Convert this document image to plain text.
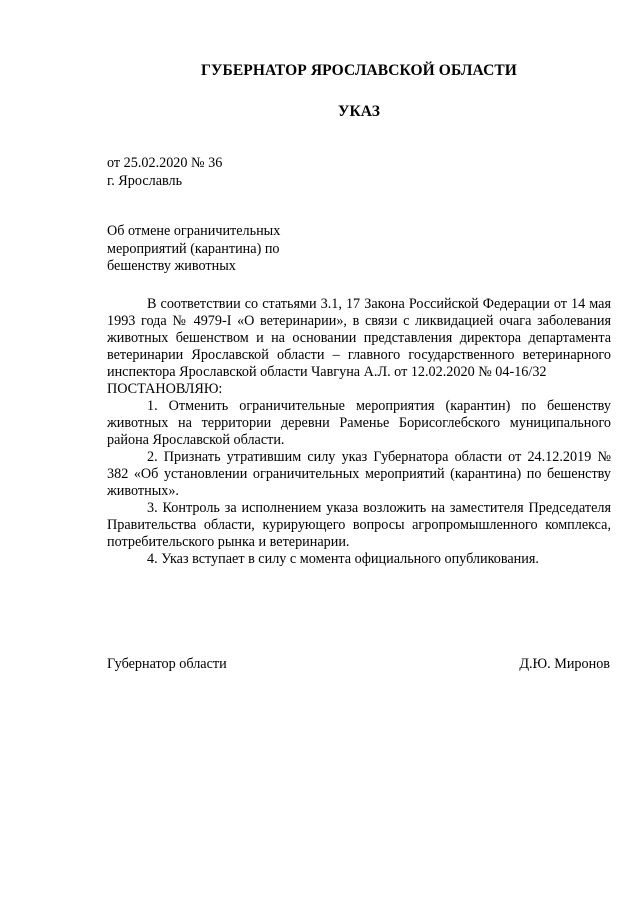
ГУБЕРНАТОР ЯРОСЛАВСКОЙ ОБЛАСТИ
УКАЗ
от 25.02.2020 № 36
г. Ярославль
Об отмене ограничительных
мероприятий (карантина) по
бешенству животных

В соответствии со статьями 3.1, 17 Закона Российской Федерации от 14 мая 1993 года № 4979-I «О ветеринарии», в связи с ликвидацией очага заболевания животных бешенством и на основании представления директора департамента ветеринарии Ярославской области – главного государственного ветеринарного инспектора Ярославской области Чавгуна А.Л. от 12.02.2020 № 04-16/32

ПОСТАНОВЛЯЮ:

1. Отменить ограничительные мероприятия (карантин) по бешенству животных на территории деревни Раменье Борисоглебского муниципального района Ярославской области.

2. Признать утратившим силу указ Губернатора области от 24.12.2019 № 382 «Об установлении ограничительных мероприятий (карантина) по бешенству животных».

3. Контроль за исполнением указа возложить на заместителя Председателя Правительства области, курирующего вопросы агропромышленного комплекса, потребительского рынка и ветеринарии.

4. Указ вступает в силу с момента официального опубликования.

Губернатор области	Д.Ю. Миронов
